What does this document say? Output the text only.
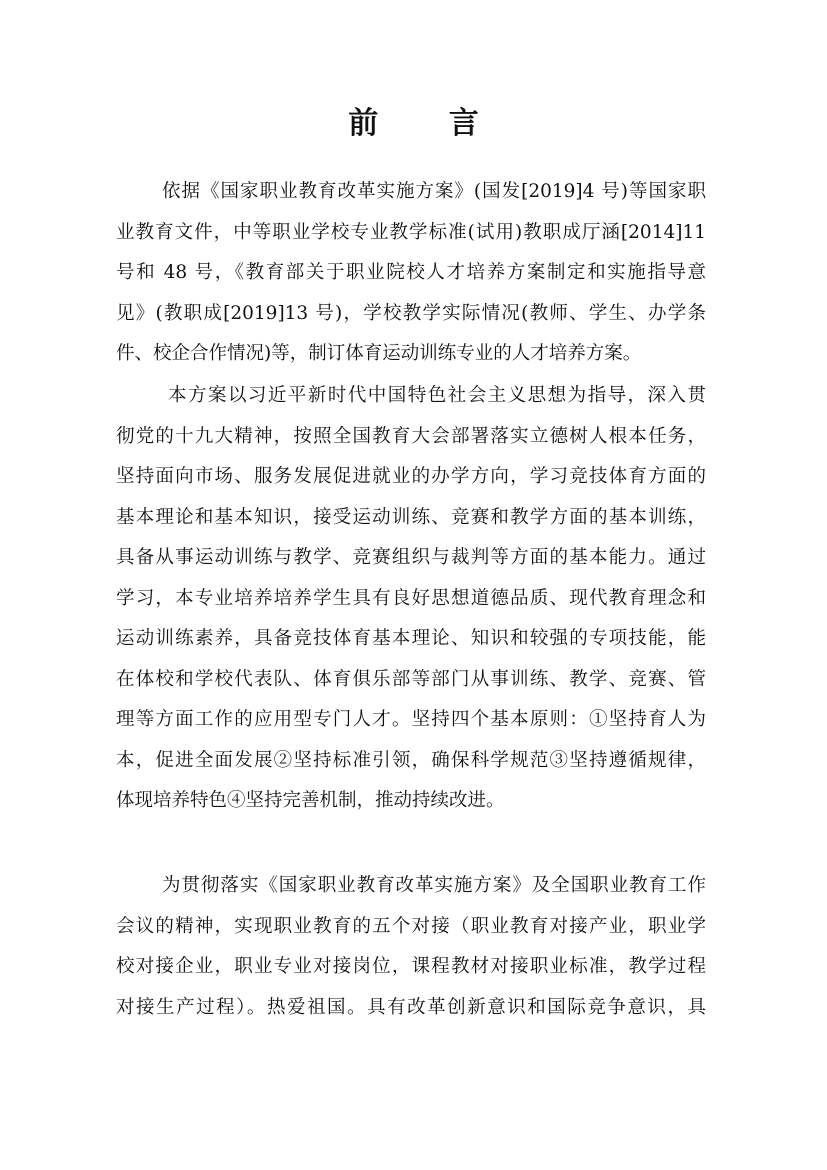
前 言
依据《国家职业教育改革实施方案》(国发[2019]4 号)等国家职
业教育文件，中等职业学校专业教学标准(试用)教职成厅涵[2014]11
号和 48 号，《教育部关于职业院校人才培养方案制定和实施指导意
见》(教职成[2019]13 号)，学校教学实际情况(教师、学生、办学条
件、校企合作情况)等，制订体育运动训练专业的人才培养方案。
本方案以习近平新时代中国特色社会主义思想为指导，深入贯
彻党的十九大精神，按照全国教育大会部署落实立德树人根本任务，
坚持面向市场、服务发展促进就业的办学方向，学习竞技体育方面的
基本理论和基本知识，接受运动训练、竞赛和教学方面的基本训练，
具备从事运动训练与教学、竞赛组织与裁判等方面的基本能力。通过
学习，本专业培养培养学生具有良好思想道德品质、现代教育理念和
运动训练素养，具备竞技体育基本理论、知识和较强的专项技能，能
在体校和学校代表队、体育俱乐部等部门从事训练、教学、竞赛、管
理等方面工作的应用型专门人才。坚持四个基本原则：①坚持育人为
本，促进全面发展②坚持标准引领，确保科学规范③坚持遵循规律，
体现培养特色④坚持完善机制，推动持续改进。
为贯彻落实《国家职业教育改革实施方案》及全国职业教育工作
会议的精神，实现职业教育的五个对接（职业教育对接产业，职业学
校对接企业，职业专业对接岗位，课程教材对接职业标准，教学过程
对接生产过程）。热爱祖国。具有改革创新意识和国际竞争意识，具
